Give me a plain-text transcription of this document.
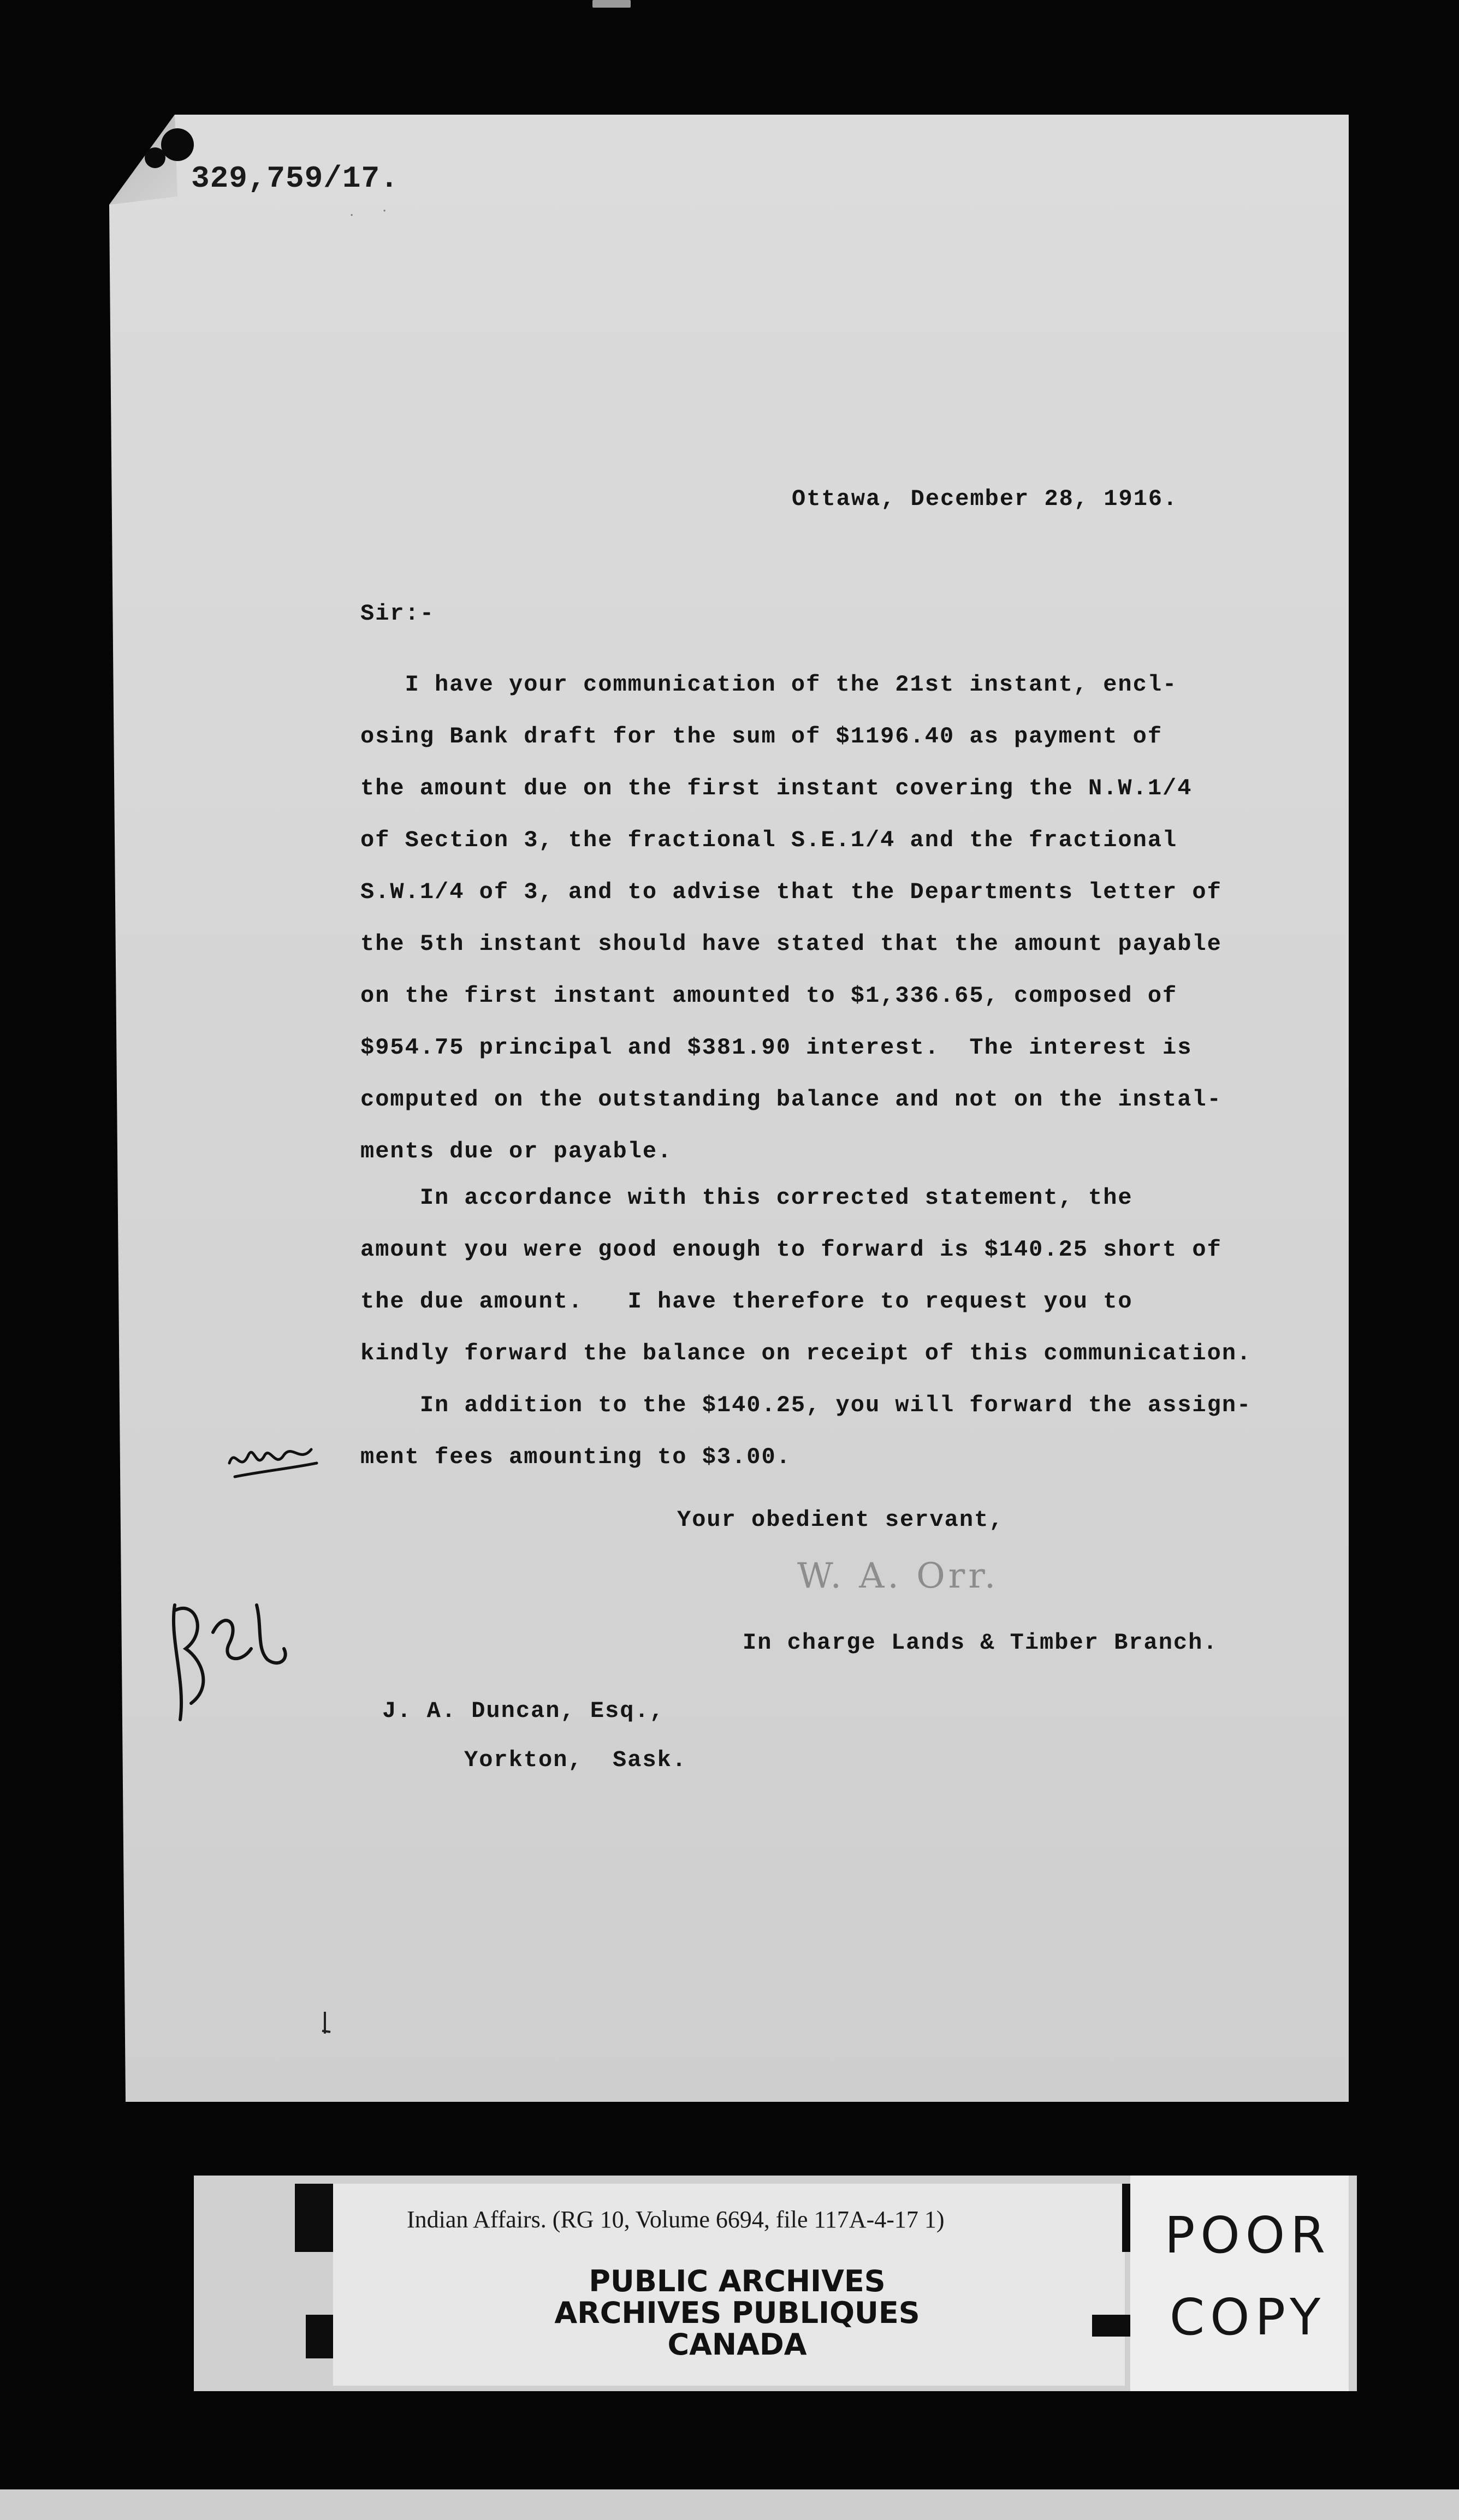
329,759/17.
· ·

Ottawa, December 28, 1916.

Sir:-

I have your communication of the 21st instant, encl-

osing Bank draft for the sum of $1196.40 as payment of

the amount due on the first instant covering the N.W.1/4

of Section 3, the fractional S.E.1/4 and the fractional

S.W.1/4 of 3, and to advise that the Departments letter of

the 5th instant should have stated that the amount payable

on the first instant amounted to $1,336.65, composed of

$954.75 principal and $381.90 interest.  The interest is

computed on the outstanding balance and not on the instal-

ments due or payable.

In accordance with this corrected statement, the

amount you were good enough to forward is $140.25 short of

the due amount.   I have therefore to request you to

kindly forward the balance on receipt of this communication.

In addition to the $140.25, you will forward the assign-

ment fees amounting to $3.00.

Your obedient servant,

W. A. Orr.

In charge Lands & Timber Branch.

J. A. Duncan, Esq.,

Yorkton,  Sask.

Indian Affairs. (RG 10, Volume 6694, file 117A-4-17 1)
PUBLIC ARCHIVES
ARCHIVES PUBLIQUES
CANADA
POOR
COPY
